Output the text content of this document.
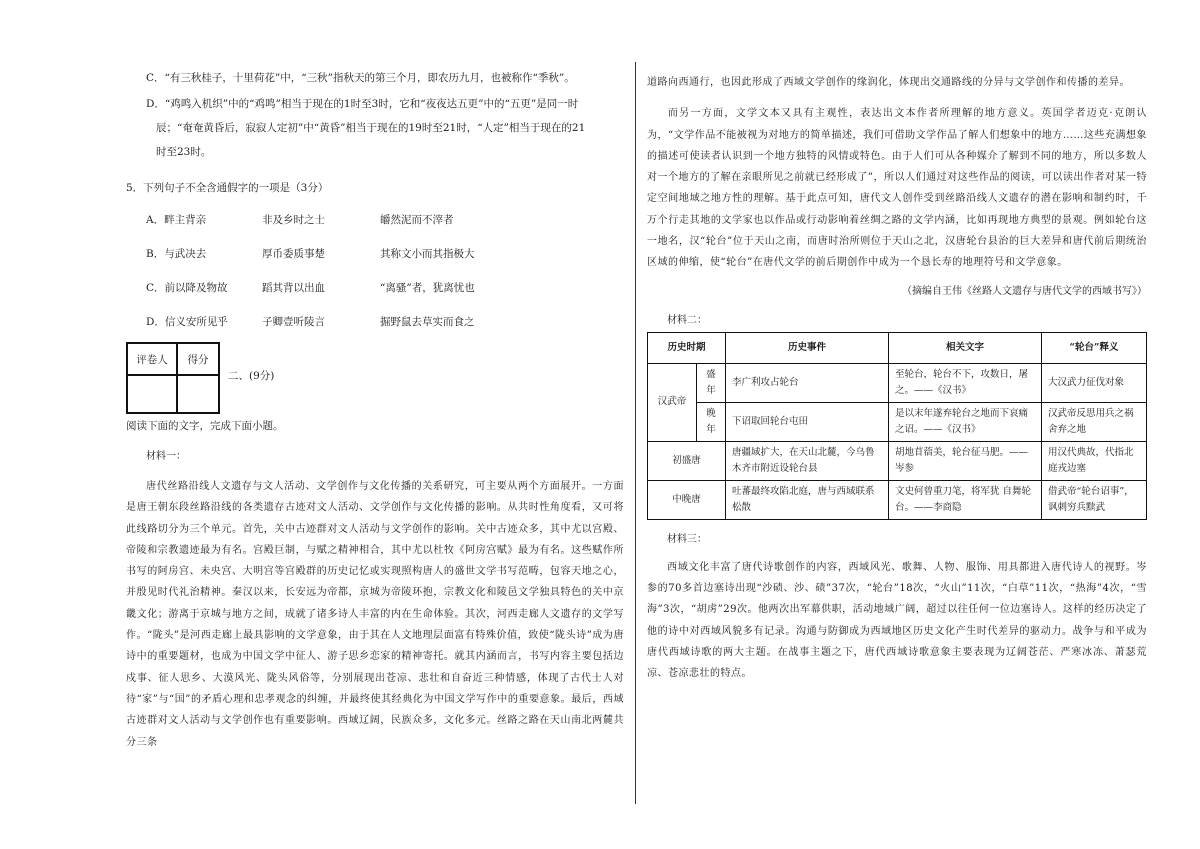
C．“有三秋桂子，十里荷花”中，“三秋”指秋天的第三个月，即农历九月，也被称作“季秋”。

D．“鸡鸣入机织”中的“鸡鸣”相当于现在的1时至3时，它和“夜夜达五更”中的“五更”是同一时

辰；“奄奄黄昏后，寂寂人定初”中“黄昏”相当于现在的19时至21时，“人定”相当于现在的21

时至23时。

5．下列句子不全含通假字的一项是（3分）

A．畔主背亲	非及乡时之士	皭然泥而不滓者
B．与武决去	厚币委质事楚	其称文小而其指极大
C．前以降及物故	蹈其背以出血	“离骚”者，犹离忧也
D．信义安所见乎	子卿壹听陵言	掘野鼠去草实而食之
评卷人	得分

二、(9分)

阅读下面的文字，完成下面小题。

材料一：

唐代丝路沿线人文遗存与文人活动、文学创作与文化传播的关系研究，可主要从两个方面展开。一方面是唐王朝东段丝路沿线的各类遗存古迹对文人活动、文学创作与文化传播的影响。从共时性角度看，又可将此线路切分为三个单元。首先，关中古迹群对文人活动与文学创作的影响。关中古迹众多，其中尤以宫殿、帝陵和宗教遗迹最为有名。宫殿巨制，与赋之精神相合，其中尤以杜牧《阿房宫赋》最为有名。这些赋作所书写的阿房宫、未央宫、大明宫等宫殿群的历史记忆或实现照构唐人的盛世文学书写范畴，包容天地之心，并殷见时代礼治精神。秦汉以来，长安远为帝都，京城为帝陵环抱，宗教文化和陵邑文学独具特色的关中京畿文化；游离于京城与地方之间，成就了诸多诗人丰富的内在生命体验。其次，河西走廊人文遗存的文学写作。“陇头”是河西走廊上最具影响的文学意象，由于其在人文地理层面富有特殊价值，致使“陇头诗”成为唐诗中的重要题材，也成为中国文学中征人、游子思乡恋家的精神寄托。就其内涵而言，书写内容主要包括边戍事、征人思乡、大漠风光、陇头风俗等，分别展现出苍凉、悲壮和自奋近三种情感，体现了古代士人对待“家”与“国”的矛盾心理和忠孝观念的纠缠，并最终使其经典化为中国文学写作中的重要意象。最后，西域古迹群对文人活动与文学创作也有重要影响。西域辽阔，民族众多，文化多元。丝路之路在天山南北两麓共分三条

道路向西通行，也因此形成了西域文学创作的缘润化，体现出交通路线的分异与文学创作和传播的差异。

而另一方面，文学文本又具有主观性，表达出文本作者所理解的地方意义。英国学者迈克·克朗认为，“文学作品不能被视为对地方的简单描述，我们可借助文学作品了解人们想象中的地方……这些充满想象的描述可使读者认识到一个地方独特的风情或特色。由于人们可从各种媒介了解到不同的地方，所以多数人对一个地方的了解在亲眼所见之前就已经形成了”，所以人们通过对这些作品的阅读，可以读出作者对某一特定空间地域之地方性的理解。基于此点可知，唐代文人创作受到丝路沿线人文遗存的潜在影响和制约时，千万个行走其地的文学家也以作品或行动影响着丝绸之路的文学内涵，比如再现地方典型的景观。例如轮台这一地名，汉“轮台”位于天山之南，而唐时治所则位于天山之北，汉唐轮台县治的巨大差异和唐代前后期统治区域的伸缩，使“轮台”在唐代文学的前后期创作中成为一个恳长寿的地理符号和文学意象。

（摘编自王伟《丝路人文遗存与唐代文学的西域书写》）

材料二：

历史时期		历史事件	相关文字	“轮台”释义
汉武帝	盛年	李广利攻占轮台	至轮台，轮台不下，攻数日，屠之。——《汉书》	大汉武力征伐对象
	晚年	下诏取回轮台屯田	是以末年遂弃轮台之地而下哀痛之诏。——《汉书》	汉武帝反思用兵之祸舍弃之地
初盛唐		唐疆域扩大，在天山北麓，今乌鲁木齐市附近设轮台县	胡地苜蓿美，轮台征马肥。——岑参	用汉代典故，代指北庭戎边塞
中晚唐		吐蕃最终攻陷北庭，唐与西域联系松散	文史何曾重刀笔，将军犹 自舞轮台。——李商隐	借武帝“轮台诏事”，讽刺穷兵黩武

材料三：

西域文化丰富了唐代诗歌创作的内容，西域风光、歌舞、人物、服饰、用具都进入唐代诗人的视野。岑参的70多首边塞诗出现“沙碛、沙、碛”37次，“轮台”18次，“火山”11次，“白草”11次，“热海”4次，“雪海”3次，“胡虏”29次。他两次出军幕供职，活动地域广阔，超过以往任何一位边塞诗人。这样的经历决定了他的诗中对西域风貌多有记录。沟通与防御成为西域地区历史文化产生时代差异的驱动力。战争与和平成为唐代西域诗歌的两大主题。在战事主题之下，唐代西域诗歌意象主要表现为辽阔苍茫、严寒冰冻、萧瑟荒凉、苍凉悲壮的特点。
